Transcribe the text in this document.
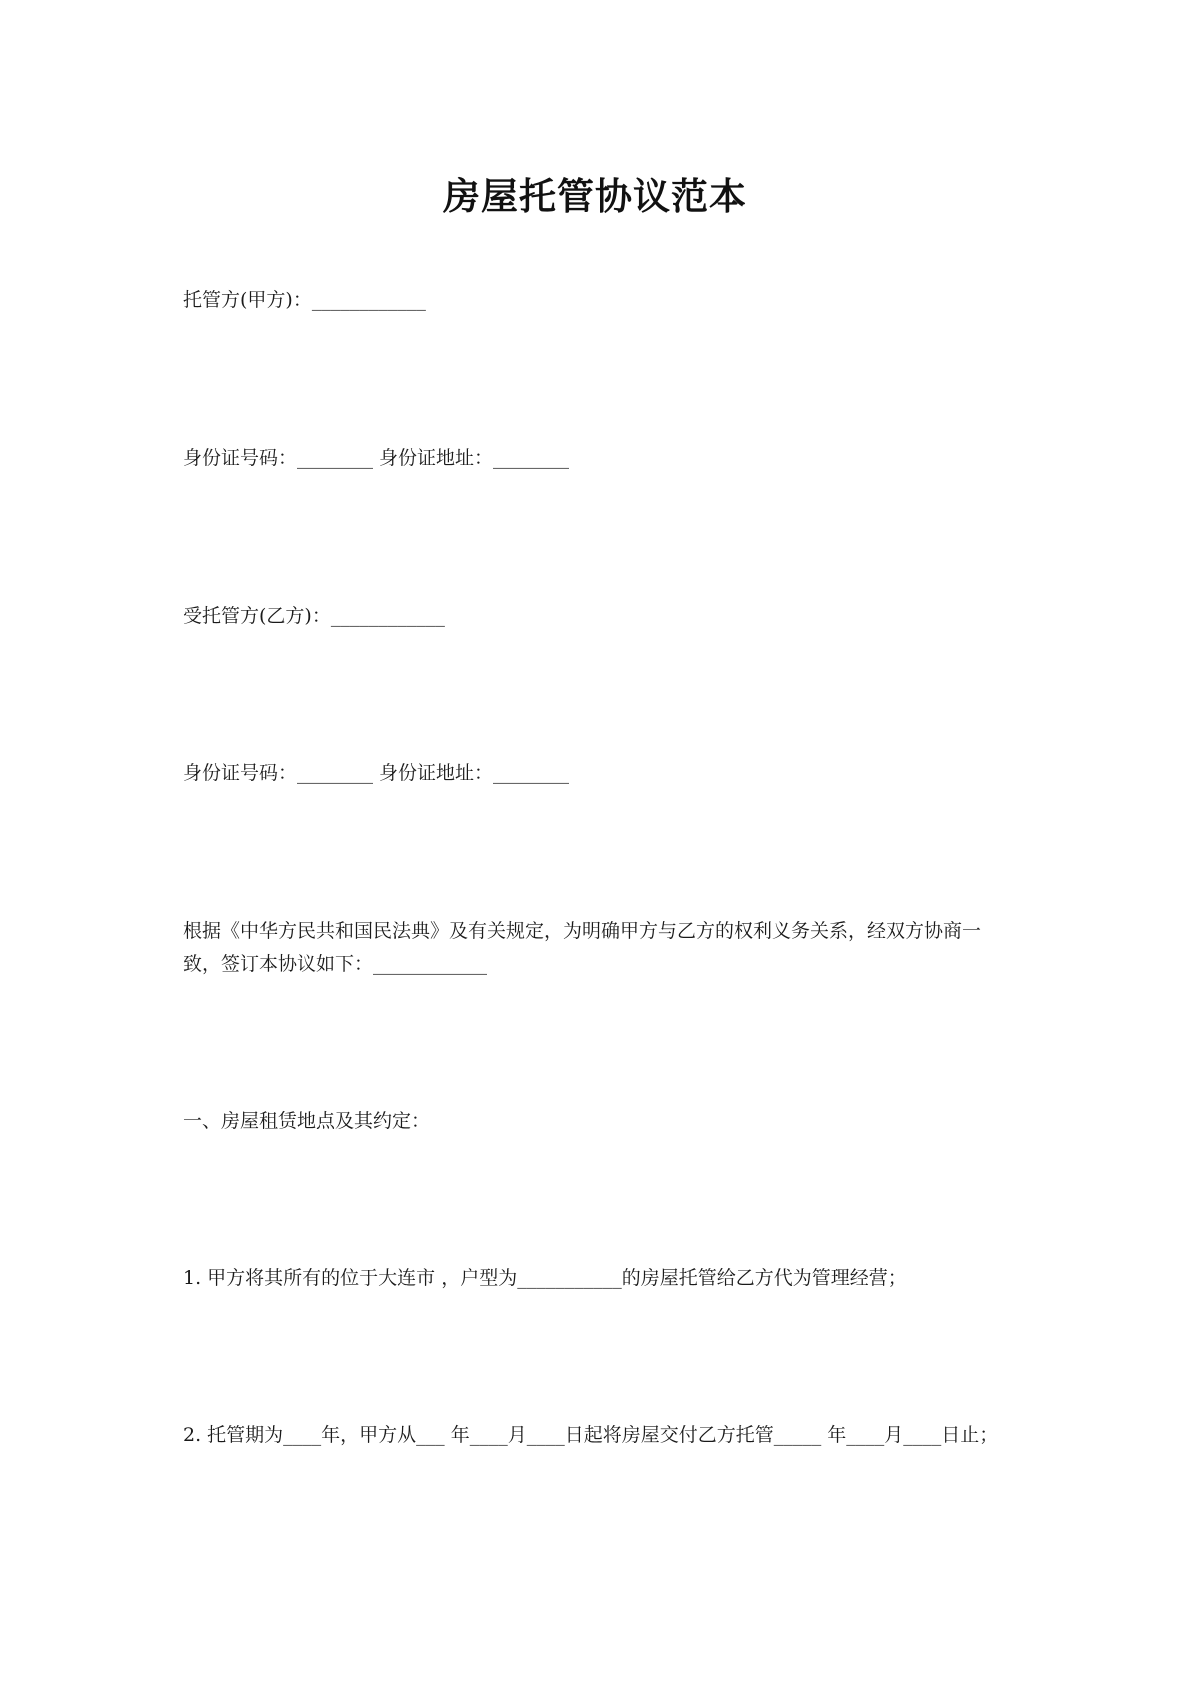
房屋托管协议范本
托管方(甲方)：____________
身份证号码：________ 身份证地址：________
受托管方(乙方)：____________
身份证号码：________ 身份证地址：________
根据《中华方民共和国民法典》及有关规定，为明确甲方与乙方的权利义务关系，经双方协商一致，签订本协议如下：____________
一、房屋租赁地点及其约定：
1. 甲方将其所有的位于大连市 ，户型为___________的房屋托管给乙方代为管理经营；
2. 托管期为____年，甲方从___ 年____月____日起将房屋交付乙方托管_____ 年____月____日止；
